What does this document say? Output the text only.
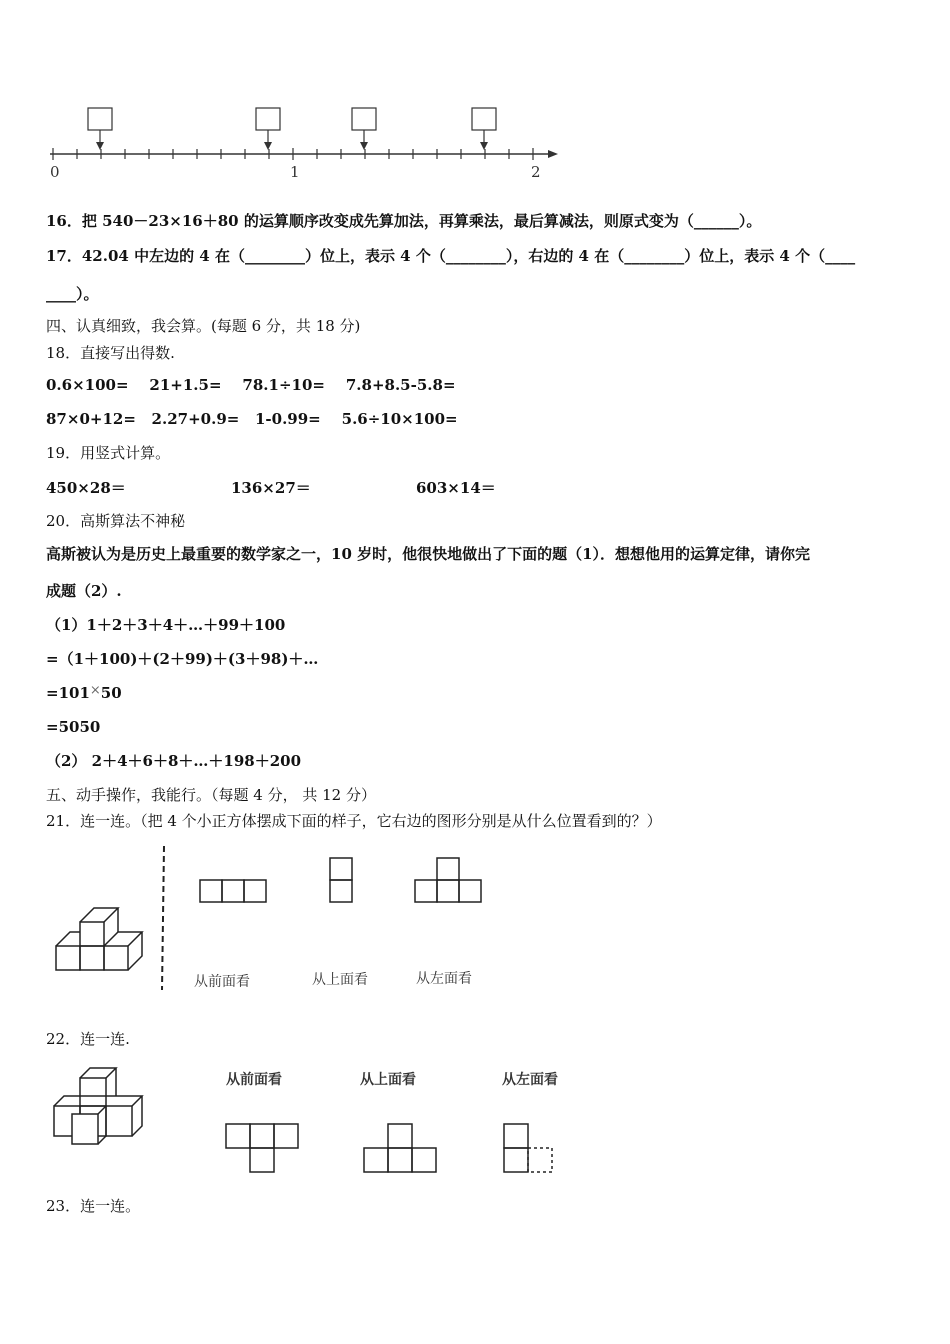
0	1	2
16．把 540－23×16＋80 的运算顺序改变成先算加法，再算乘法，最后算减法，则原式变为（______）。
17．42.04 中左边的 4 在（________）位上，表示 4 个（________），右边的 4 在（________）位上，表示 4 个（____
____）。
四、认真细致，我会算。(每题 6 分，共 18 分)
18．直接写出得数.
0.6×100=    21+1.5=    78.1÷10=    7.8+8.5-5.8=
87×0+12=   2.27+0.9=   1-0.99=    5.6÷10×100=
19．用竖式计算。
450×28＝	136×27＝	603×14＝
20．高斯算法不神秘
高斯被认为是历史上最重要的数学家之一，10 岁时，他很快地做出了下面的题（1）．想想他用的运算定律，请你完
成题（2）.
（1）1＋2＋3＋4＋…＋99＋100
=（1＋100)＋(2＋99)＋(3＋98)＋…
=101×50
=5050
（2） 2＋4＋6＋8＋…＋198＋200
五、动手操作，我能行。（每题 4 分， 共 12 分）
21．连一连。（把 4 个小正方体摆成下面的样子，它右边的图形分别是从什么位置看到的？）
从前面看	从上面看	从左面看
22．连一连.
从前面看	从上面看	从左面看
23．连一连。
